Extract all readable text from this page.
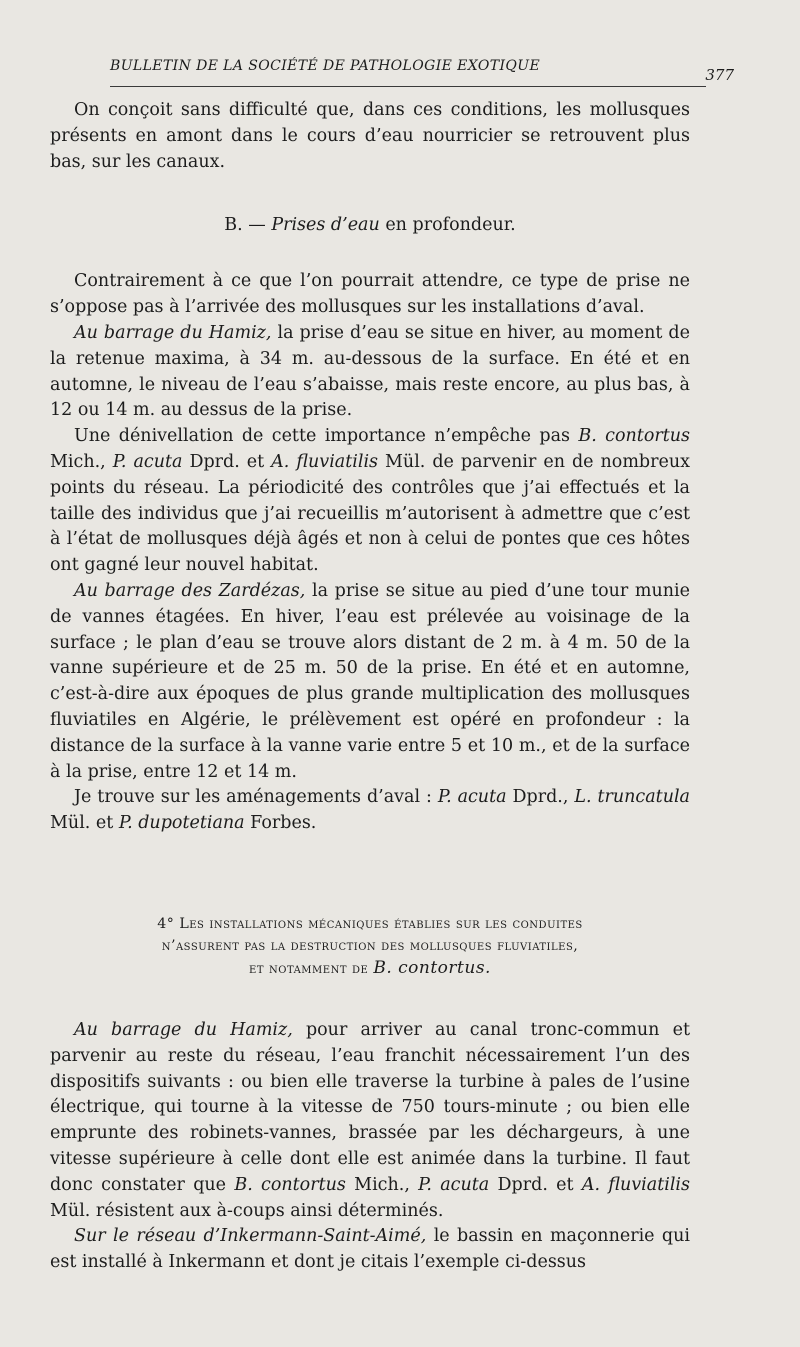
BULLETIN DE LA SOCIÉTÉ DE PATHOLOGIE EXOTIQUE	377

On conçoit sans difficulté que, dans ces conditions, les mollusques présents en amont dans le cours d’eau nourricier se retrouvent plus bas, sur les canaux.

B. — Prises d’eau en profondeur.

Contrairement à ce que l’on pourrait attendre, ce type de prise ne s’oppose pas à l’arrivée des mollusques sur les installations d’aval.

Au barrage du Hamiz, la prise d’eau se situe en hiver, au moment de la retenue maxima, à 34 m. au-dessous de la surface. En été et en automne, le niveau de l’eau s’abaisse, mais reste encore, au plus bas, à 12 ou 14 m. au dessus de la prise.

Une dénivellation de cette importance n’empêche pas B. contortus Mich., P. acuta Dprd. et A. fluviatilis Mül. de parvenir en de nombreux points du réseau. La périodicité des contrôles que j’ai effectués et la taille des individus que j’ai recueillis m’autorisent à admettre que c’est à l’état de mollusques déjà âgés et non à celui de pontes que ces hôtes ont gagné leur nouvel habitat.

Au barrage des Zardézas, la prise se situe au pied d’une tour munie de vannes étagées. En hiver, l’eau est prélevée au voisinage de la surface ; le plan d’eau se trouve alors distant de 2 m. à 4 m. 50 de la vanne supérieure et de 25 m. 50 de la prise. En été et en automne, c’est-à-dire aux époques de plus grande multiplication des mollusques fluviatiles en Algérie, le prélèvement est opéré en profondeur : la distance de la surface à la vanne varie entre 5 et 10 m., et de la surface à la prise, entre 12 et 14 m.

Je trouve sur les aménagements d’aval : P. acuta Dprd., L. truncatula Mül. et P. dupotetiana Forbes.

4° Les installations mécaniques établies sur les conduites
n’assurent pas la destruction des mollusques fluviatiles,
et notamment de B. contortus.

Au barrage du Hamiz, pour arriver au canal tronc-commun et parvenir au reste du réseau, l’eau franchit nécessairement l’un des dispositifs suivants : ou bien elle traverse la turbine à pales de l’usine électrique, qui tourne à la vitesse de 750 tours-minute ; ou bien elle emprunte des robinets-vannes, brassée par les déchargeurs, à une vitesse supérieure à celle dont elle est animée dans la turbine. Il faut donc constater que B. contortus Mich., P. acuta Dprd. et A. fluviatilis Mül. résistent aux à-coups ainsi déterminés.

Sur le réseau d’Inkermann-Saint-Aimé, le bassin en maçonnerie qui est installé à Inkermann et dont je citais l’exemple ci-dessus
